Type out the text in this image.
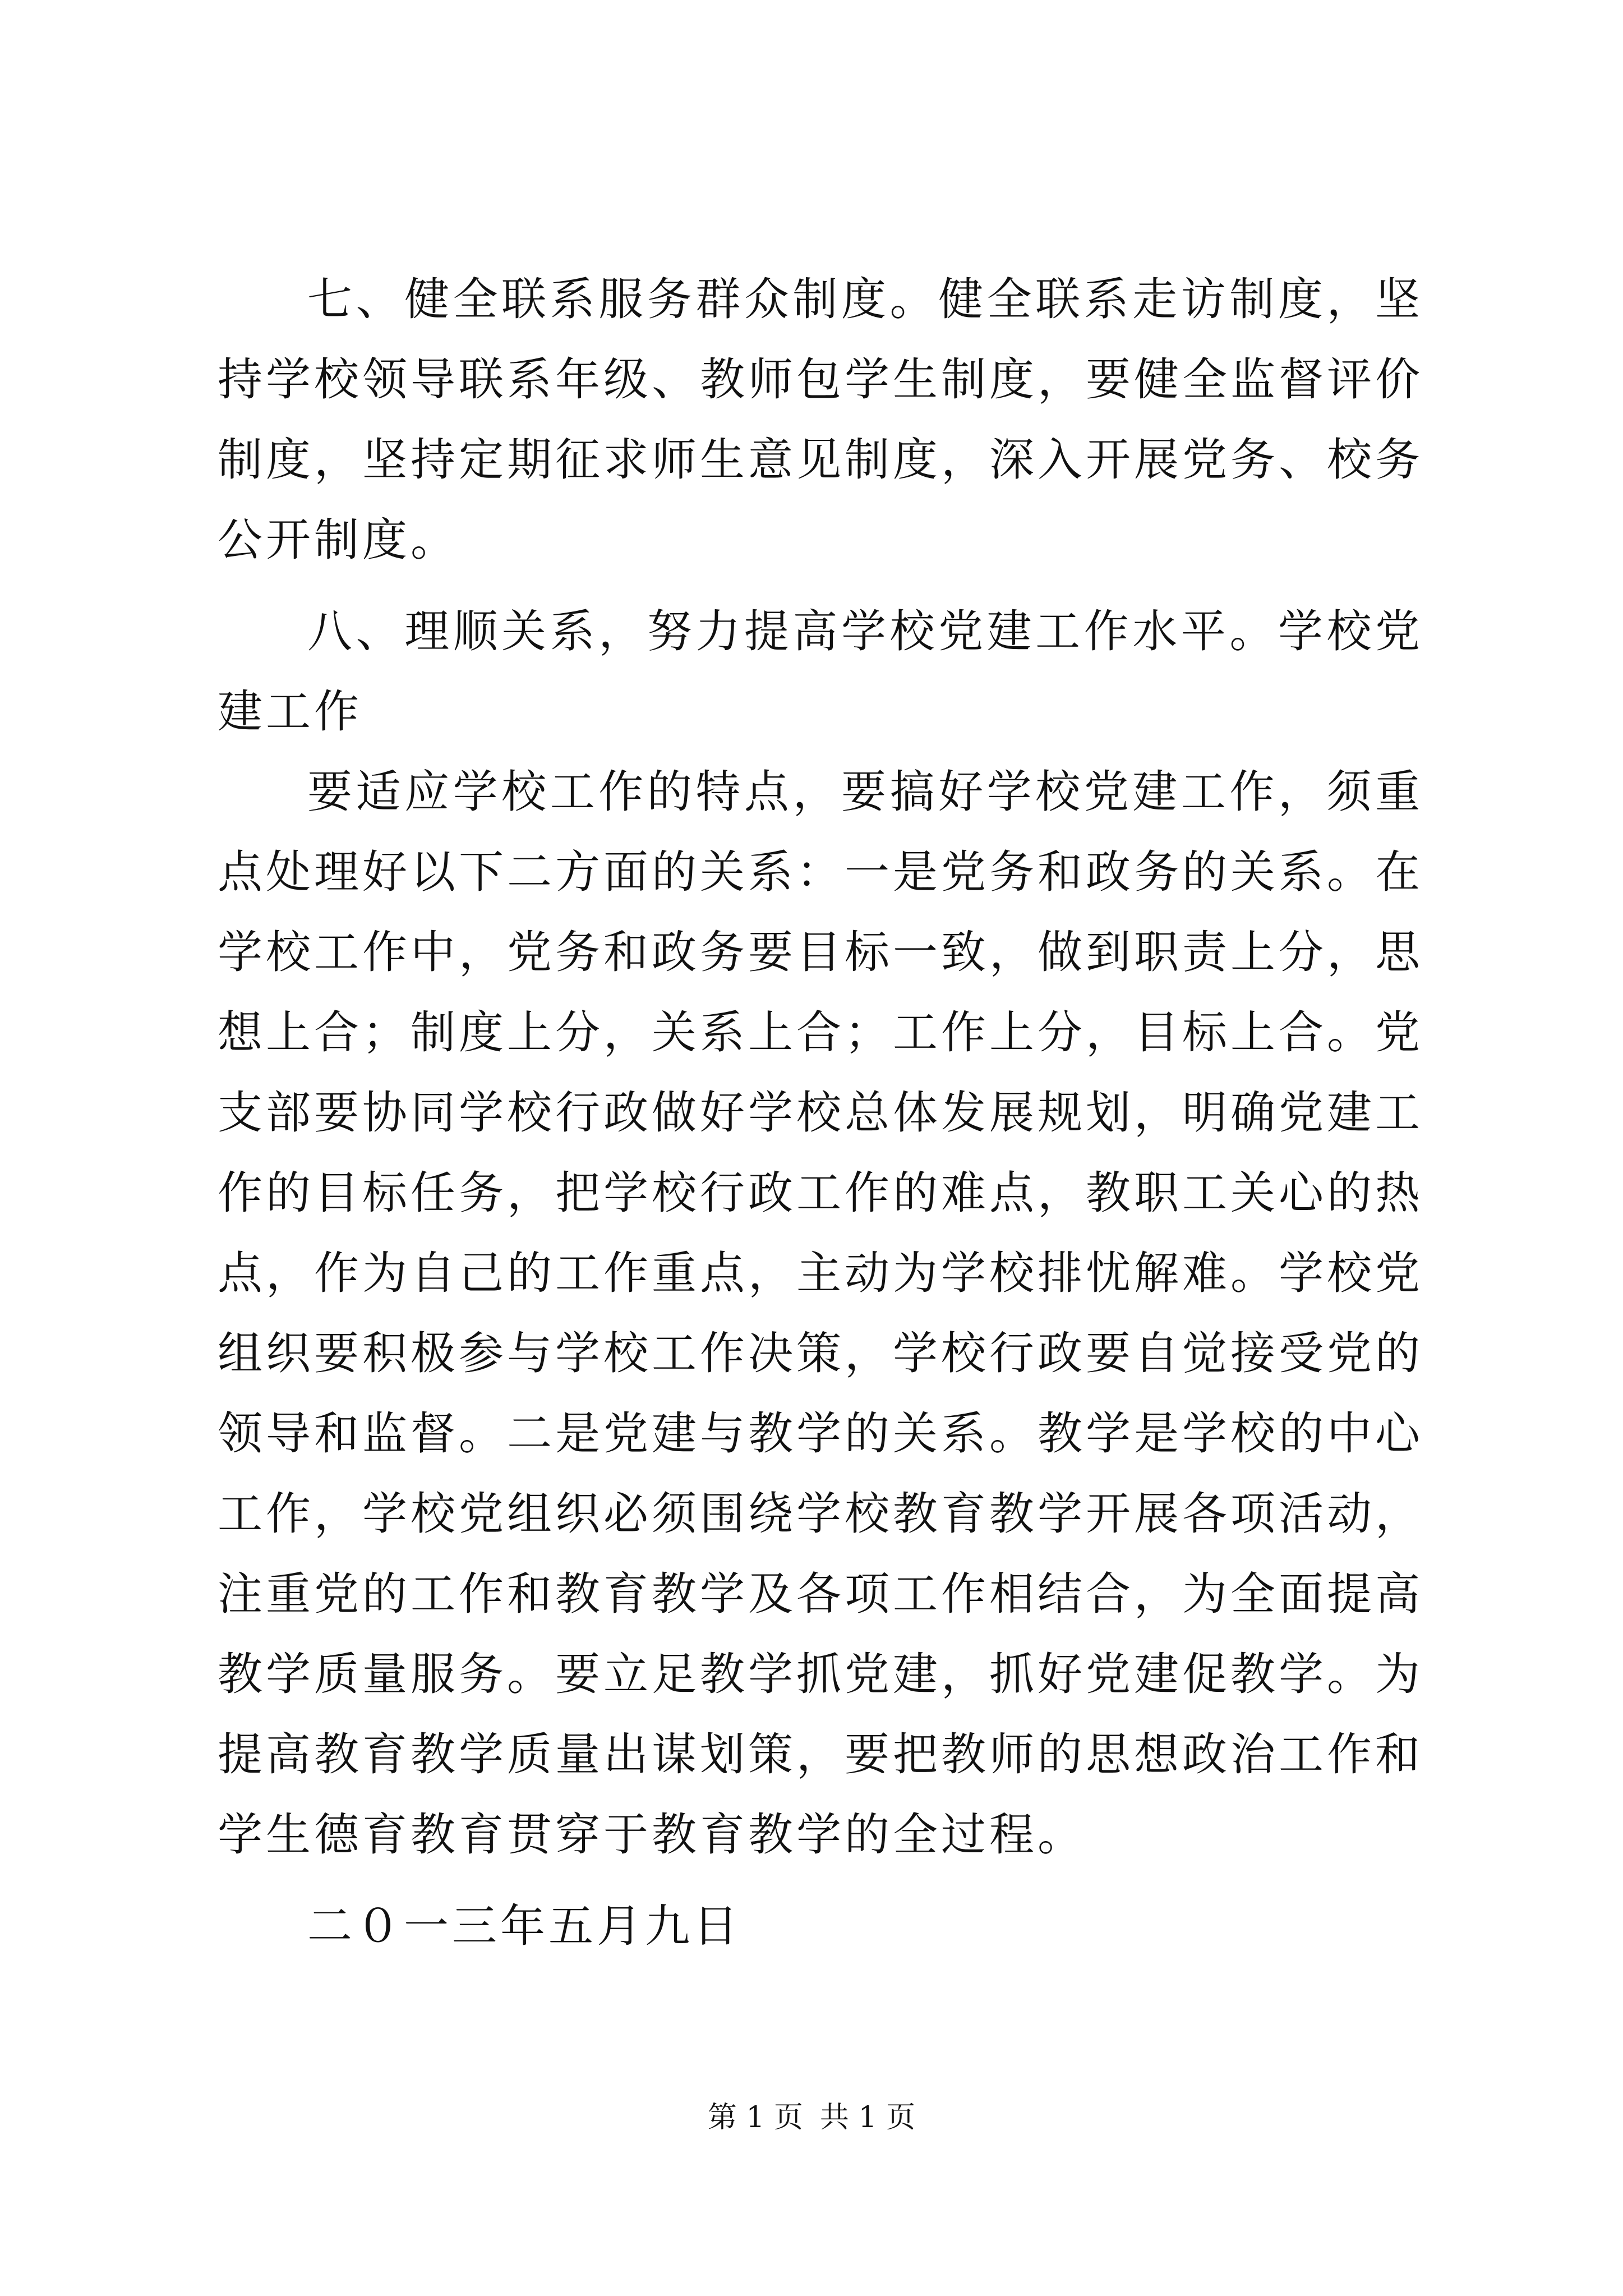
七、健全联系服务群众制度。健全联系走访制度，坚持学校领导联系年级、教师包学生制度，要健全监督评价制度，坚持定期征求师生意见制度，深入开展党务、校务公开制度。

八、理顺关系，努力提高学校党建工作水平。学校党建工作

要适应学校工作的特点，要搞好学校党建工作，须重点处理好以下二方面的关系：一是党务和政务的关系。在学校工作中，党务和政务要目标一致，做到职责上分，思想上合；制度上分，关系上合；工作上分，目标上合。党支部要协同学校行政做好学校总体发展规划，明确党建工作的目标任务，把学校行政工作的难点，教职工关心的热点，作为自己的工作重点，主动为学校排忧解难。学校党组织要积极参与学校工作决策，学校行政要自觉接受党的领导和监督。二是党建与教学的关系。教学是学校的中心工作，学校党组织必须围绕学校教育教学开展各项活动，注重党的工作和教育教学及各项工作相结合，为全面提高教学质量服务。要立足教学抓党建，抓好党建促教学。为提高教育教学质量出谋划策，要把教师的思想政治工作和学生德育教育贯穿于教育教学的全过程。

二０一三年五月九日

第 1 页 共 1 页
